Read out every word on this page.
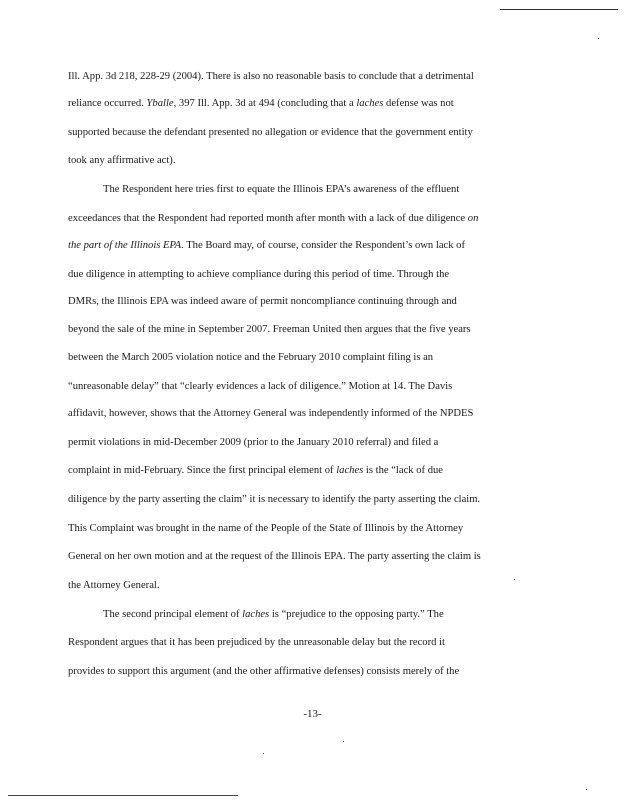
Ill. App. 3d 218, 228-29 (2004). There is also no reasonable basis to conclude that a detrimental
reliance occurred. Yballe, 397 Ill. App. 3d at 494 (concluding that a laches defense was not
supported because the defendant presented no allegation or evidence that the government entity
took any affirmative act).
The Respondent here tries first to equate the Illinois EPA’s awareness of the effluent
exceedances that the Respondent had reported month after month with a lack of due diligence on
the part of the Illinois EPA. The Board may, of course, consider the Respondent’s own lack of
due diligence in attempting to achieve compliance during this period of time. Through the
DMRs, the Illinois EPA was indeed aware of permit noncompliance continuing through and
beyond the sale of the mine in September 2007. Freeman United then argues that the five years
between the March 2005 violation notice and the February 2010 complaint filing is an
“unreasonable delay” that “clearly evidences a lack of diligence.” Motion at 14. The Davis
affidavit, however, shows that the Attorney General was independently informed of the NPDES
permit violations in mid-December 2009 (prior to the January 2010 referral) and filed a
complaint in mid-February. Since the first principal element of laches is the “lack of due
diligence by the party asserting the claim” it is necessary to identify the party asserting the claim.
This Complaint was brought in the name of the People of the State of Illinois by the Attorney
General on her own motion and at the request of the Illinois EPA. The party asserting the claim is
the Attorney General.
The second principal element of laches is “prejudice to the opposing party.” The
Respondent argues that it has been prejudiced by the unreasonable delay but the record it
provides to support this argument (and the other affirmative defenses) consists merely of the
-13-
